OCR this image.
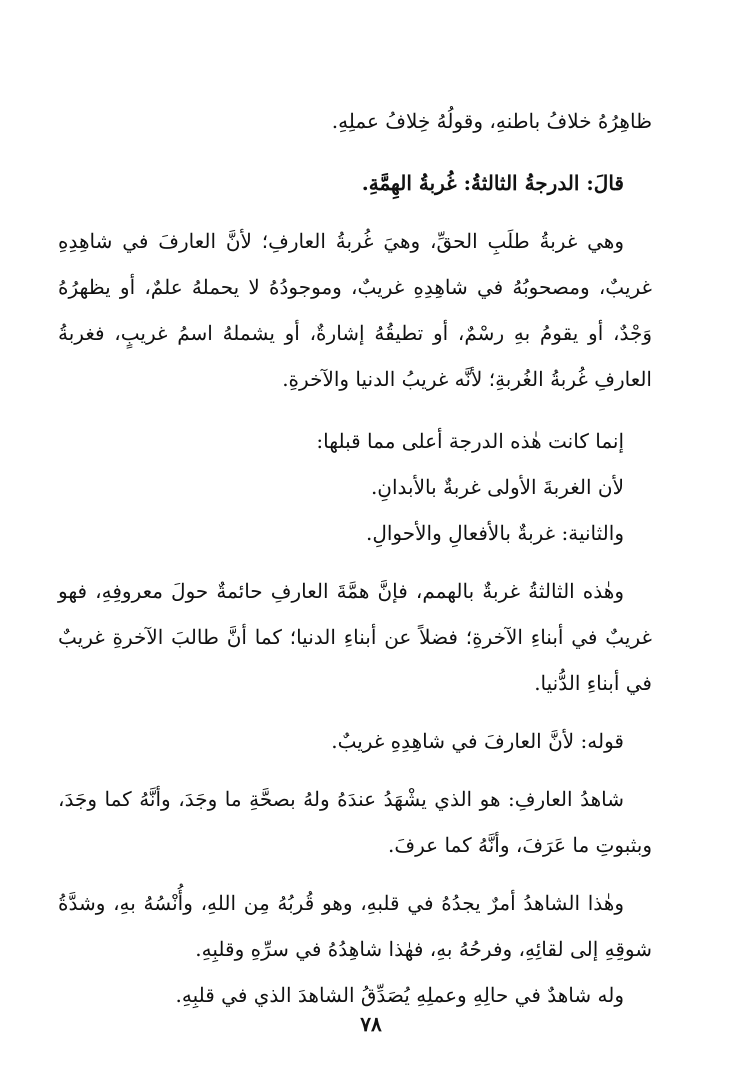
ظاهِرُهُ خلافُ باطنهِ، وقولُهُ خِلافُ عملِهِ.

قالَ: الدرجةُ الثالثةُ: غُربةُ الهِمَّةِ.

وهي غربةُ طلَبِ الحقِّ، وهيَ غُربةُ العارفِ؛ لأنَّ العارفَ في شاهِدِهِ غريبٌ، ومصحوبُهُ في شاهِدِهِ غريبٌ، وموجودُهُ لا يحملهُ علمٌ، أو يظهرُهُ وَجْدٌ، أو يقومُ بهِ رسْمٌ، أو تطيقُهُ إشارةٌ، أو يشملهُ اسمُ غريبٍ، فغربةُ العارفِ غُربةُ الغُربةِ؛ لأنَّه غريبُ الدنيا والآخرةِ.

إنما كانت هٰذه الدرجة أعلى مما قبلها:

لأن الغربةَ الأولى غربةٌ بالأبدانِ.

والثانية: غربةٌ بالأفعالِ والأحوالِ.

وهٰذه الثالثةُ غربةٌ بالهمم، فإنَّ همَّةَ العارفِ حائمةٌ حولَ معروفِهِ، فهو غريبٌ في أبناءِ الآخرةِ؛ فضلاً عن أبناءِ الدنيا؛ كما أنَّ طالبَ الآخرةِ غريبٌ في أبناءِ الدُّنيا.

قوله: لأنَّ العارفَ في شاهِدِهِ غريبٌ.

شاهدُ العارفِ: هو الذي يشْهَدُ عندَهُ ولهُ بصحَّةِ ما وجَدَ، وأنَّهُ كما وجَدَ، وبثبوتِ ما عَرَفَ، وأنَّهُ كما عرفَ.

وهٰذا الشاهدُ أمرٌ يجدُهُ في قلبهِ، وهو قُربُهُ مِن اللهِ، وأُنْسُهُ بهِ، وشدَّةُ شوقِهِ إلى لقائِهِ، وفرحُهُ بهِ، فهٰذا شاهِدُهُ في سرِّهِ وقلبِهِ.

وله شاهدٌ في حالِهِ وعملِهِ يُصَدِّقُ الشاهدَ الذي في قلبِهِ.

٧٨
